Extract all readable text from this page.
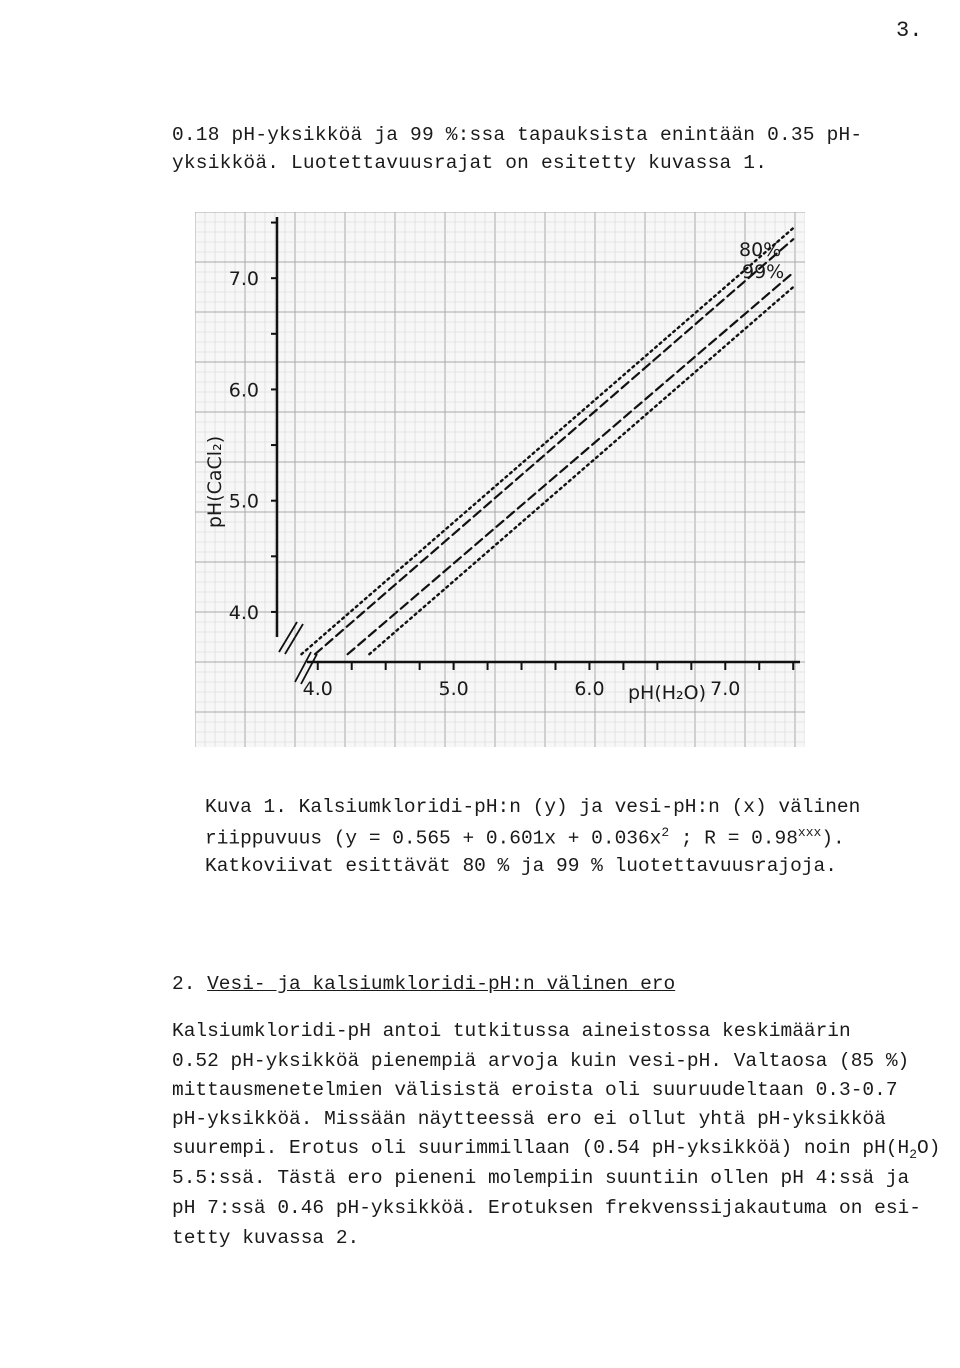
3.
0.18 pH-yksikköä ja 99 %:ssa tapauksista enintään 0.35 pH-
yksikköä. Luotettavuusrajat on esitetty kuvassa 1.
4.0
5.0
6.0
7.0
4.0	5.0	6.0	7.0
pH(CaCl₂)
pH(H₂O)
80%
99%
Kuva 1. Kalsiumkloridi-pH:n (y) ja vesi-pH:n (x) välinen
riippuvuus ($y = 0.565 + 0.601x + 0.036x^2$ ; $R = 0.98^{xxx}$).
Katkoviivat esittävät 80 % ja 99 % luotettavuusrajoja.
2. Vesi- ja kalsiumkloridi-pH:n välinen ero
Kalsiumkloridi-pH antoi tutkitussa aineistossa keskimäärin
0.52 pH-yksikköä pienempiä arvoja kuin vesi-pH. Valtaosa (85 %)
mittausmenetelmien välisistä eroista oli suuruudeltaan 0.3-0.7
pH-yksikköä. Missään näytteessä ero ei ollut yhtä pH-yksikköä
suurempi. Erotus oli suurimmillaan (0.54 pH-yksikköä) noin $pH(H_2O)$
5.5:ssä. Tästä ero pieneni molempiin suuntiin ollen pH 4:ssä ja
pH 7:ssä 0.46 pH-yksikköä. Erotuksen frekvenssijakautuma on esi-
tetty kuvassa 2.
